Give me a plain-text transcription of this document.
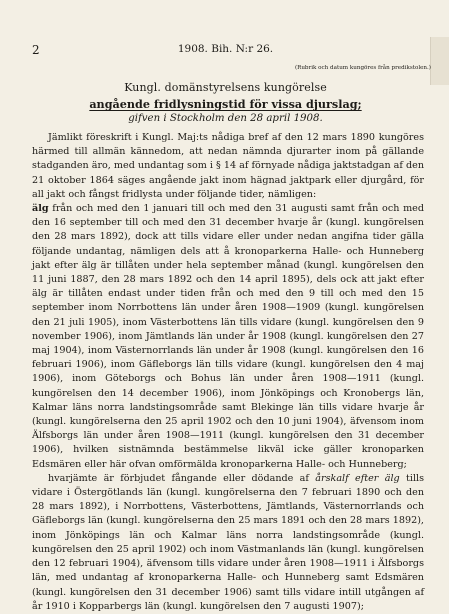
2	1908. Bih. N:r 26.
(Rubrik och datum kungöres från predikstolen.)
Kungl. domänstyrelsens kungörelse
angående fridlysningstid för vissa djurslag;
gifven i Stockholm den 28 april 1908.

Jämlikt föreskrift i Kungl. Maj:ts nådiga bref af den 12 mars 1890 kungöres härmed till allmän kännedom, att nedan nämnda djurarter inom på gällande stadganden äro, med undantag som i § 14 af förnyade nådiga jaktstadgan af den 21 oktober 1864 säges angående jakt inom hägnad jaktpark eller djurgård, för all jakt och fångst fridlysta under följande tider, nämligen:

älg från och med den 1 januari till och med den 31 augusti samt från och med den 16 september till och med den 31 december hvarje år (kungl. kungörelsen den 28 mars 1892), dock att tills vidare eller under nedan angifna tider gälla följande undantag, nämligen dels att å kronoparkerna Halle- och Hunneberg jakt efter älg är tillåten under hela september månad (kungl. kungörelsen den 11 juni 1887, den 28 mars 1892 och den 14 april 1895), dels ock att jakt efter älg är tillåten endast under tiden från och med den 9 till och med den 15 september inom Norrbottens län under åren 1908—1909 (kungl. kungörelsen den 21 juli 1905), inom Västerbottens län tills vidare (kungl. kungörelsen den 9 november 1906), inom Jämtlands län under år 1908 (kungl. kungörelsen den 27 maj 1904), inom Västernorrlands län under år 1908 (kungl. kungörelsen den 16 februari 1906), inom Gäfleborgs län tills vidare (kungl. kungörelsen den 4 maj 1906), inom Göteborgs och Bohus län under åren 1908—1911 (kungl. kungörelsen den 14 december 1906), inom Jönköpings och Kronobergs län, Kalmar läns norra landstingsområde samt Blekinge län tills vidare hvarje år (kungl. kungörelserna den 25 april 1902 och den 10 juni 1904), äfvensom inom Älfsborgs län under åren 1908—1911 (kungl. kungörelsen den 31 december 1906), hvilken sistnämnda bestämmelse likväl icke gäller kronoparken Edsmären eller här ofvan omförmälda kronoparkerna Halle- och Hunneberg;

hvarjämte är förbjudet fångande eller dödande af årskalf efter älg tills vidare i Östergötlands län (kungl. kungörelserna den 7 februari 1890 och den 28 mars 1892), i Norrbottens, Västerbottens, Jämtlands, Västernorrlands och Gäfleborgs län (kungl. kungörelserna den 25 mars 1891 och den 28 mars 1892), inom Jönköpings län och Kalmar läns norra landstingsområde (kungl. kungörelsen den 25 april 1902) och inom Västmanlands län (kungl. kungörelsen den 12 februari 1904), äfvensom tills vidare under åren 1908—1911 i Älfsborgs län, med undantag af kronoparkerna Halle- och Hunneberg samt Edsmären (kungl. kungörelsen den 31 december 1906) samt tills vidare intill utgången af år 1910 i Kopparbergs län (kungl. kungörelsen den 7 augusti 1907);
